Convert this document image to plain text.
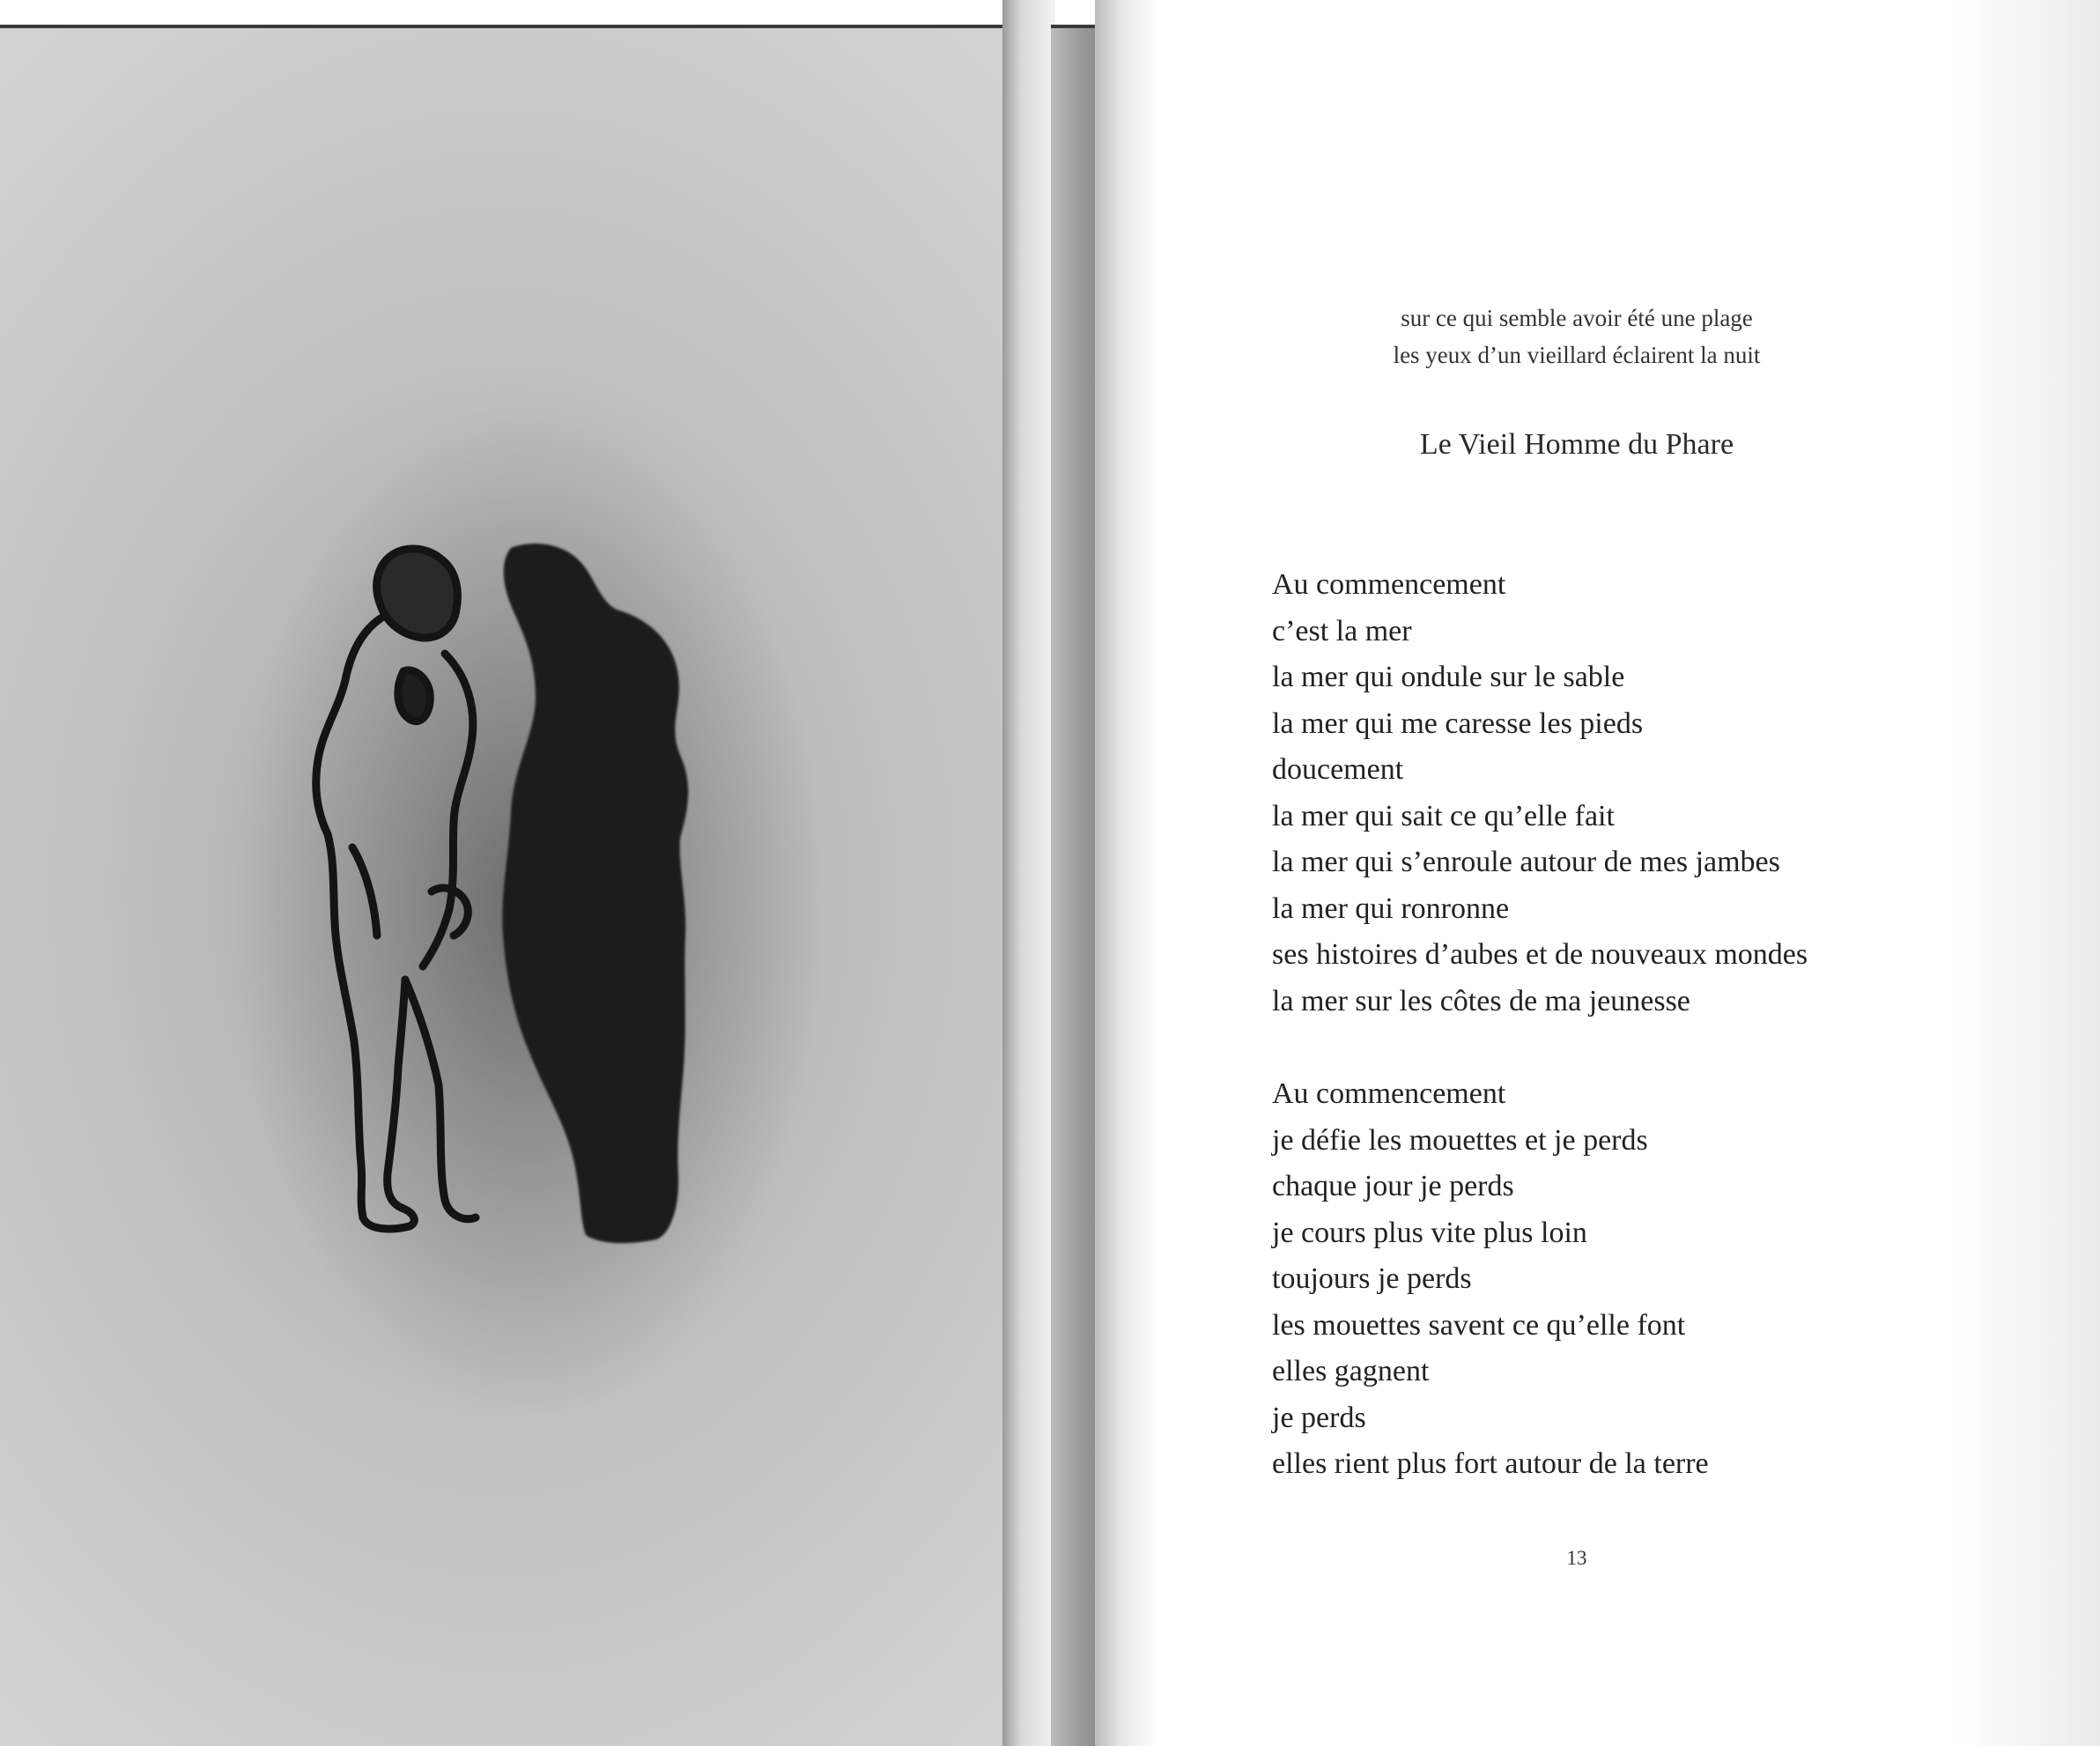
sur ce qui semble avoir été une plage
les yeux d’un vieillard éclairent la nuit
Le Vieil Homme du Phare
Au commencement
c’est la mer
la mer qui ondule sur le sable
la mer qui me caresse les pieds
doucement
la mer qui sait ce qu’elle fait
la mer qui s’enroule autour de mes jambes
la mer qui ronronne
ses histoires d’aubes et de nouveaux mondes
la mer sur les côtes de ma jeunesse
Au commencement
je défie les mouettes et je perds
chaque jour je perds
je cours plus vite plus loin
toujours je perds
les mouettes savent ce qu’elle font
elles gagnent
je perds
elles rient plus fort autour de la terre
13
